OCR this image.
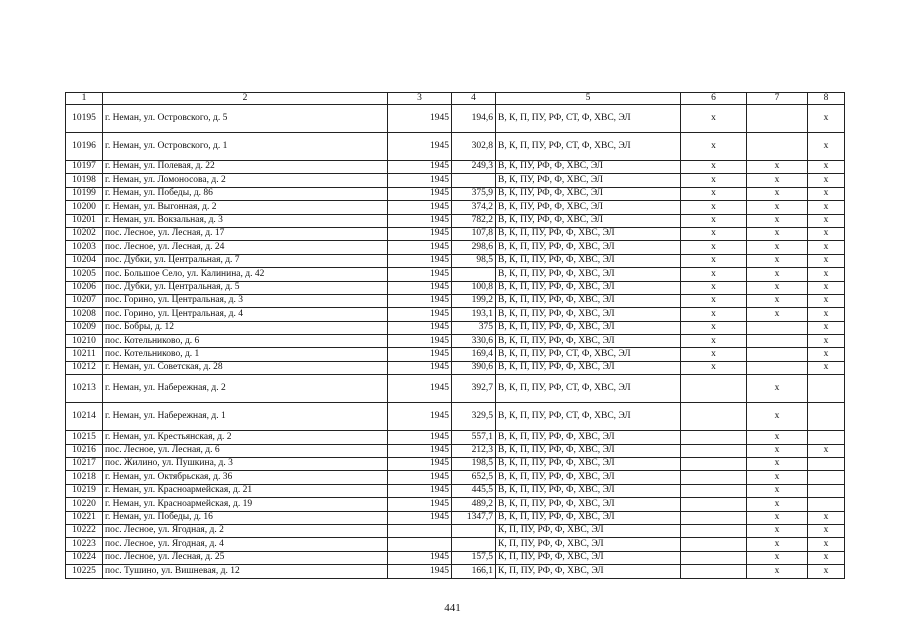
1	2	3	4	5	6	7	8
10195	г. Неман, ул. Островского, д. 5	1945	194,6	В, К, П, ПУ, РФ, СТ, Ф, ХВС, ЭЛ	x		x
10196	г. Неман, ул. Островского, д. 1	1945	302,8	В, К, П, ПУ, РФ, СТ, Ф, ХВС, ЭЛ	x		x
10197	г. Неман, ул. Полевая, д. 22	1945	249,3	В, К, ПУ, РФ, Ф, ХВС, ЭЛ	x	x	x
10198	г. Неман, ул. Ломоносова, д. 2	1945		В, К, ПУ, РФ, Ф, ХВС, ЭЛ	x	x	x
10199	г. Неман, ул. Победы, д. 86	1945	375,9	В, К, ПУ, РФ, Ф, ХВС, ЭЛ	x	x	x
10200	г. Неман, ул. Выгонная, д. 2	1945	374,2	В, К, ПУ, РФ, Ф, ХВС, ЭЛ	x	x	x
10201	г. Неман, ул. Вокзальная, д. 3	1945	782,2	В, К, ПУ, РФ, Ф, ХВС, ЭЛ	x	x	x
10202	пос. Лесное, ул. Лесная, д. 17	1945	107,8	В, К, П, ПУ, РФ, Ф, ХВС, ЭЛ	x	x	x
10203	пос. Лесное, ул. Лесная, д. 24	1945	298,6	В, К, П, ПУ, РФ, Ф, ХВС, ЭЛ	x	x	x
10204	пос. Дубки, ул. Центральная, д. 7	1945	98,5	В, К, П, ПУ, РФ, Ф, ХВС, ЭЛ	x	x	x
10205	пос. Большое Село, ул. Калинина, д. 42	1945		В, К, П, ПУ, РФ, Ф, ХВС, ЭЛ	x	x	x
10206	пос. Дубки, ул. Центральная, д. 5	1945	100,8	В, К, П, ПУ, РФ, Ф, ХВС, ЭЛ	x	x	x
10207	пос. Горино, ул. Центральная, д. 3	1945	199,2	В, К, П, ПУ, РФ, Ф, ХВС, ЭЛ	x	x	x
10208	пос. Горино, ул. Центральная, д. 4	1945	193,1	В, К, П, ПУ, РФ, Ф, ХВС, ЭЛ	x	x	x
10209	пос. Бобры, д. 12	1945	375	В, К, П, ПУ, РФ, Ф, ХВС, ЭЛ	x		x
10210	пос. Котельниково, д. 6	1945	330,6	В, К, П, ПУ, РФ, Ф, ХВС, ЭЛ	x		x
10211	пос. Котельниково, д. 1	1945	169,4	В, К, П, ПУ, РФ, СТ, Ф, ХВС, ЭЛ	x		x
10212	г. Неман, ул. Советская, д. 28	1945	390,6	В, К, П, ПУ, РФ, Ф, ХВС, ЭЛ	x		x
10213	г. Неман, ул. Набережная, д. 2	1945	392,7	В, К, П, ПУ, РФ, СТ, Ф, ХВС, ЭЛ		x	
10214	г. Неман, ул. Набережная, д. 1	1945	329,5	В, К, П, ПУ, РФ, СТ, Ф, ХВС, ЭЛ		x	
10215	г. Неман, ул. Крестьянская, д. 2	1945	557,1	В, К, П, ПУ, РФ, Ф, ХВС, ЭЛ		x	
10216	пос. Лесное, ул. Лесная, д. 6	1945	212,3	В, К, П, ПУ, РФ, Ф, ХВС, ЭЛ		x	x
10217	пос. Жилино, ул. Пушкина, д. 3	1945	198,5	В, К, П, ПУ, РФ, Ф, ХВС, ЭЛ		x	
10218	г. Неман, ул. Октябрьская, д. 36	1945	652,5	В, К, П, ПУ, РФ, Ф, ХВС, ЭЛ		x	
10219	г. Неман, ул. Красноармейская, д. 21	1945	445,5	В, К, П, ПУ, РФ, Ф, ХВС, ЭЛ		x	
10220	г. Неман, ул. Красноармейская, д. 19	1945	489,2	В, К, П, ПУ, РФ, Ф, ХВС, ЭЛ		x	
10221	г. Неман, ул. Победы, д. 16	1945	1347,7	В, К, П, ПУ, РФ, Ф, ХВС, ЭЛ		x	x
10222	пос. Лесное, ул. Ягодная, д. 2			К, П, ПУ, РФ, Ф, ХВС, ЭЛ		x	x
10223	пос. Лесное, ул. Ягодная, д. 4			К, П, ПУ, РФ, Ф, ХВС, ЭЛ		x	x
10224	пос. Лесное, ул. Лесная, д. 25	1945	157,5	К, П, ПУ, РФ, Ф, ХВС, ЭЛ		x	x
10225	пос. Тушино, ул. Вишневая, д. 12	1945	166,1	К, П, ПУ, РФ, Ф, ХВС, ЭЛ		x	x
441
